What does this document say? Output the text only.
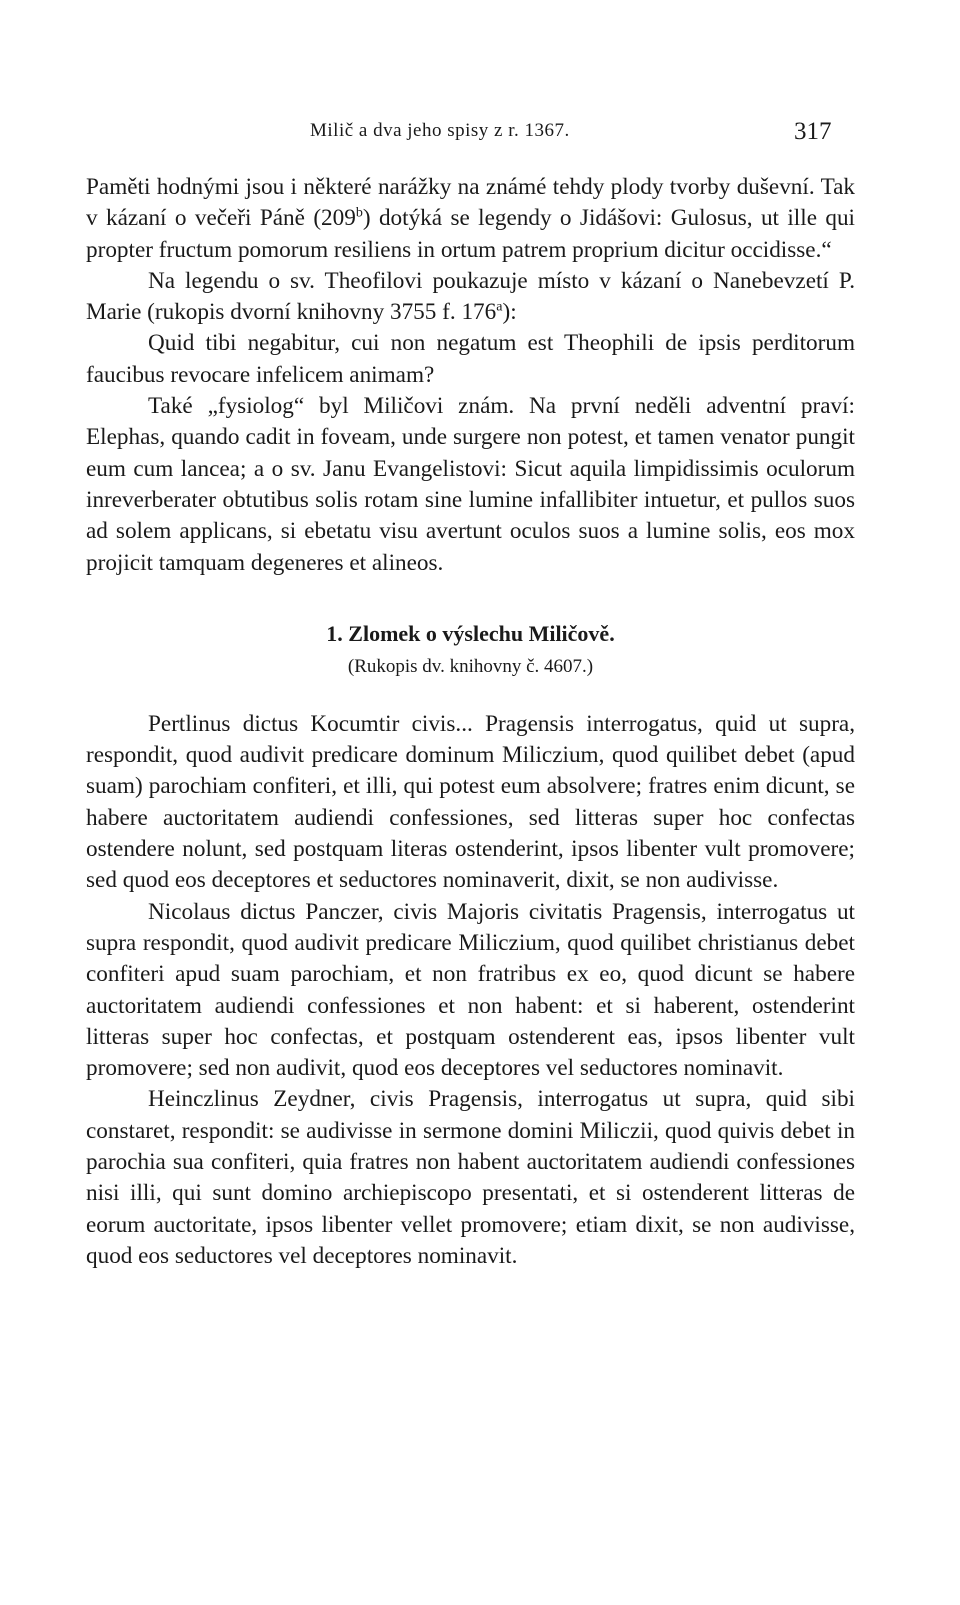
Milič a dva jeho spisy z r. 1367.	317

Paměti hodnými jsou i některé narážky na známé tehdy plody tvorby duševní. Tak v kázaní o večeři Páně (209$^b$) dotýká se legendy o Jidášovi: Gulosus, ut ille qui propter fructum pomorum resiliens in ortum patrem proprium dicitur occidisse.“

Na legendu o sv. Theofilovi poukazuje místo v kázaní o Nanebevzetí P. Marie (rukopis dvorní knihovny 3755 f. 176$^a$):

Quid tibi negabitur, cui non negatum est Theophili de ipsis perditorum faucibus revocare infelicem animam?

Také „fysiolog“ byl Miličovi znám. Na první neděli adventní praví: Elephas, quando cadit in foveam, unde surgere non potest, et tamen venator pungit eum cum lancea; a o sv. Janu Evangelistovi: Sicut aquila limpidissimis oculorum inreverberater obtutibus solis rotam sine lumine infallibiter intuetur, et pullos suos ad solem applicans, si ebetatu visu avertunt oculos suos a lumine solis, eos mox projicit tamquam degeneres et alineos.

1. Zlomek o výslechu Miličově.
(Rukopis dv. knihovny č. 4607.)

Pertlinus dictus Kocumtir civis... Pragensis interrogatus, quid ut supra, respondit, quod audivit predicare dominum Miliczium, quod quilibet debet (apud suam) parochiam confiteri, et illi, qui potest eum absolvere; fratres enim dicunt, se habere auctoritatem audiendi confessiones, sed litteras super hoc confectas ostendere nolunt, sed postquam literas ostenderint, ipsos libenter vult promovere; sed quod eos deceptores et seductores nominaverit, dixit, se non audivisse.

Nicolaus dictus Panczer, civis Majoris civitatis Pragensis, interrogatus ut supra respondit, quod audivit predicare Miliczium, quod quilibet christianus debet confiteri apud suam parochiam, et non fratribus ex eo, quod dicunt se habere auctoritatem audiendi confessiones et non habent: et si haberent, ostenderint litteras super hoc confectas, et postquam ostenderent eas, ipsos libenter vult promovere; sed non audivit, quod eos deceptores vel seductores nominavit.

Heinczlinus Zeydner, civis Pragensis, interrogatus ut supra, quid sibi constaret, respondit: se audivisse in sermone domini Miliczii, quod quivis debet in parochia sua confiteri, quia fratres non habent auctoritatem audiendi confessiones nisi illi, qui sunt domino archiepiscopo presentati, et si ostenderent litteras de eorum auctoritate, ipsos libenter vellet promovere; etiam dixit, se non audivisse, quod eos seductores vel deceptores nominavit.
